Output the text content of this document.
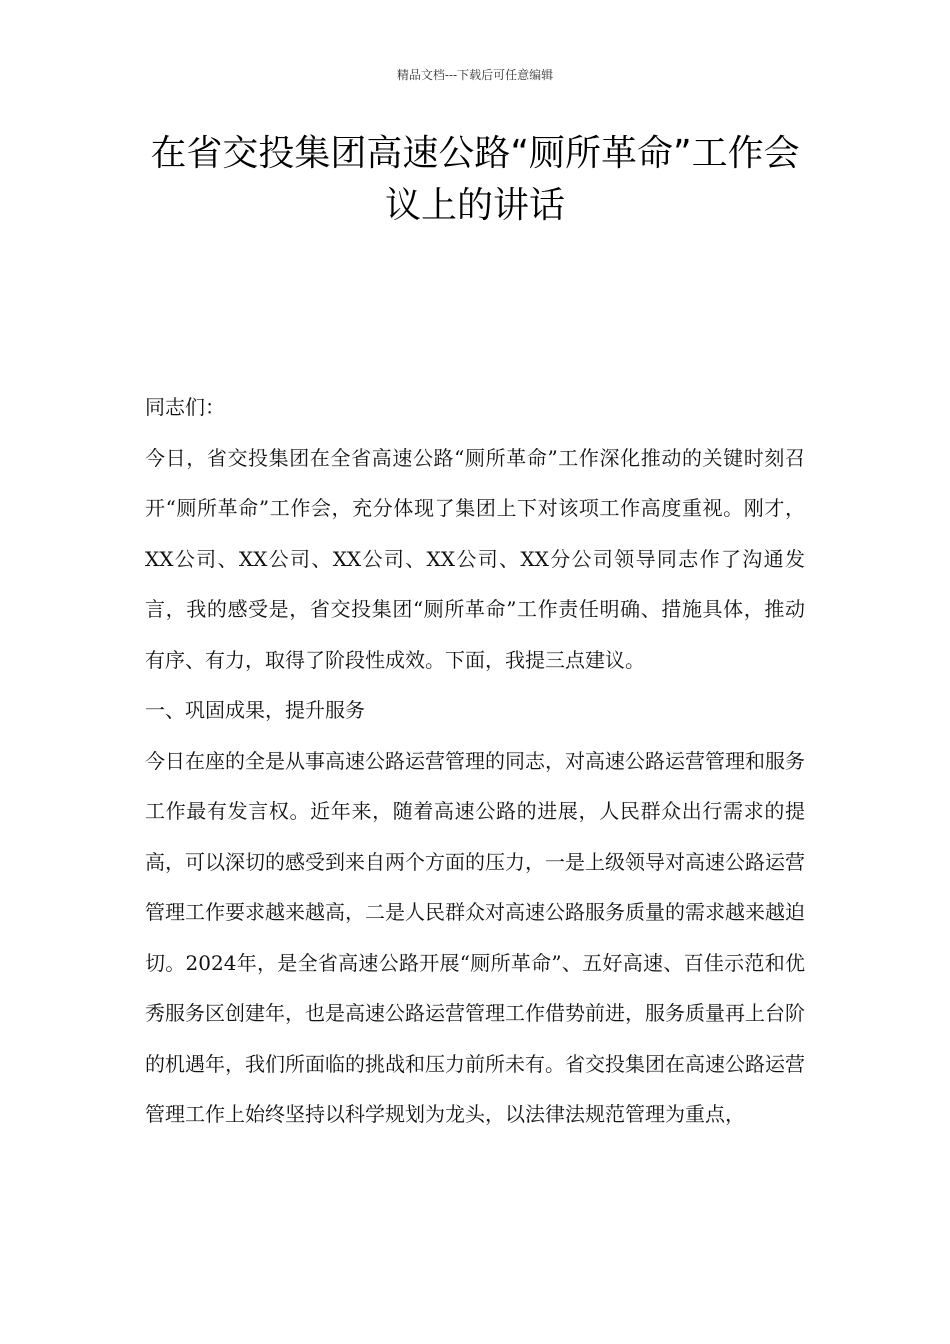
精品文档---下载后可任意编辑
在省交投集团高速公路“厕所革命”工作会议上的讲话

同志们：

今日，省交投集团在全省高速公路“厕所革命”工作深化推动的关键时刻召开“厕所革命”工作会，充分体现了集团上下对该项工作高度重视。刚才，XX公司、XX公司、XX公司、XX公司、XX分公司领导同志作了沟通发言，我的感受是，省交投集团“厕所革命”工作责任明确、措施具体，推动有序、有力，取得了阶段性成效。下面，我提三点建议。

一、巩固成果，提升服务

今日在座的全是从事高速公路运营管理的同志，对高速公路运营管理和服务工作最有发言权。近年来，随着高速公路的进展，人民群众出行需求的提高，可以深切的感受到来自两个方面的压力，一是上级领导对高速公路运营管理工作要求越来越高，二是人民群众对高速公路服务质量的需求越来越迫切。2024年，是全省高速公路开展“厕所革命”、五好高速、百佳示范和优秀服务区创建年，也是高速公路运营管理工作借势前进，服务质量再上台阶的机遇年，我们所面临的挑战和压力前所未有。省交投集团在高速公路运营管理工作上始终坚持以科学规划为龙头，以法律法规范管理为重点，
